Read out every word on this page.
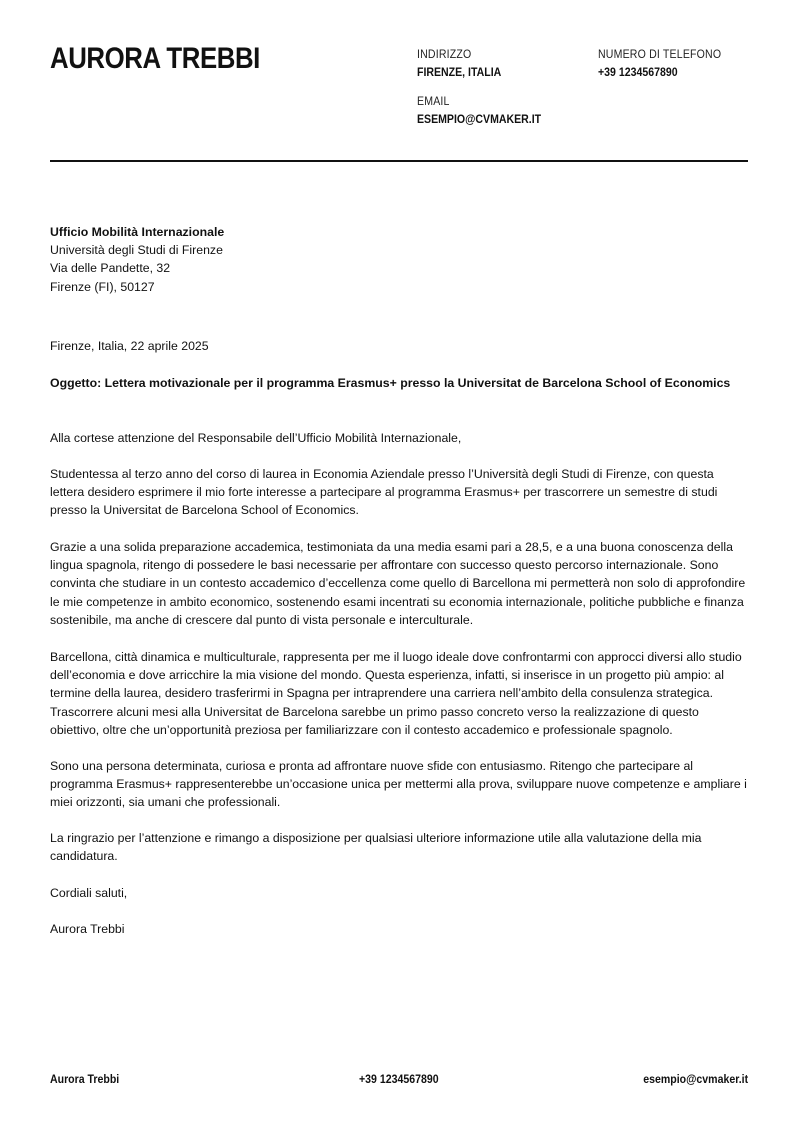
AURORA TREBBI	INDIRIZZO
FIRENZE, ITALIA
NUMERO DI TELEFONO
+39 1234567890
EMAIL
ESEMPIO@CVMAKER.IT
Ufficio Mobilità Internazionale
Università degli Studi di Firenze
Via delle Pandette, 32
Firenze (FI), 50127
Firenze, Italia, 22 aprile 2025
Oggetto: Lettera motivazionale per il programma Erasmus+ presso la Universitat de Barcelona School of Economics
Alla cortese attenzione del Responsabile dell’Ufficio Mobilità Internazionale,
Studentessa al terzo anno del corso di laurea in Economia Aziendale presso l’Università degli Studi di Firenze, con questa lettera desidero esprimere il mio forte interesse a partecipare al programma Erasmus+ per trascorrere un semestre di studi presso la Universitat de Barcelona School of Economics.
Grazie a una solida preparazione accademica, testimoniata da una media esami pari a 28,5, e a una buona conoscenza della lingua spagnola, ritengo di possedere le basi necessarie per affrontare con successo questo percorso internazionale. Sono convinta che studiare in un contesto accademico d’eccellenza come quello di Barcellona mi permetterà non solo di approfondire le mie competenze in ambito economico, sostenendo esami incentrati su economia internazionale, politiche pubbliche e finanza sostenibile, ma anche di crescere dal punto di vista personale e interculturale.
Barcellona, città dinamica e multiculturale, rappresenta per me il luogo ideale dove confrontarmi con approcci diversi allo studio dell’economia e dove arricchire la mia visione del mondo. Questa esperienza, infatti, si inserisce in un progetto più ampio: al termine della laurea, desidero trasferirmi in Spagna per intraprendere una carriera nell’ambito della consulenza strategica. Trascorrere alcuni mesi alla Universitat de Barcelona sarebbe un primo passo concreto verso la realizzazione di questo obiettivo, oltre che un’opportunità preziosa per familiarizzare con il contesto accademico e professionale spagnolo.
Sono una persona determinata, curiosa e pronta ad affrontare nuove sfide con entusiasmo. Ritengo che partecipare al programma Erasmus+ rappresenterebbe un’occasione unica per mettermi alla prova, sviluppare nuove competenze e ampliare i miei orizzonti, sia umani che professionali.
La ringrazio per l’attenzione e rimango a disposizione per qualsiasi ulteriore informazione utile alla valutazione della mia candidatura.
Cordiali saluti,
Aurora Trebbi
Aurora Trebbi	+39 1234567890	esempio@cvmaker.it
